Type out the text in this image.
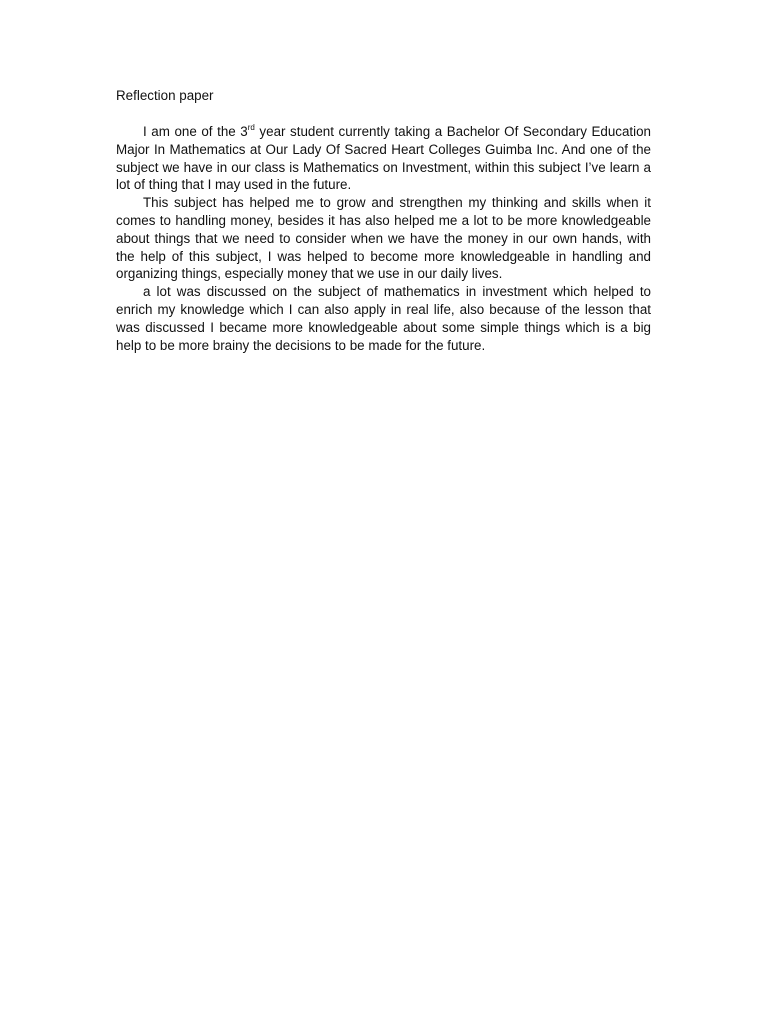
Reflection paper

I am one of the 3rd year student currently taking a Bachelor Of Secondary Education Major In Mathematics at Our Lady Of Sacred Heart Colleges Guimba Inc. And one of the subject we have in our class is Mathematics on Investment, within this subject I’ve learn a lot of thing that I may used in the future.

This subject has helped me to grow and strengthen my thinking and skills when it comes to handling money, besides it has also helped me a lot to be more knowledgeable about things that we need to consider when we have the money in our own hands, with the help of this subject, I was helped to become more knowledgeable in handling and organizing things, especially money that we use in our daily lives.

a lot was discussed on the subject of mathematics in investment which helped to enrich my knowledge which I can also apply in real life, also because of the lesson that was discussed I became more knowledgeable about some simple things which is a big help to be more brainy the decisions to be made for the future.
